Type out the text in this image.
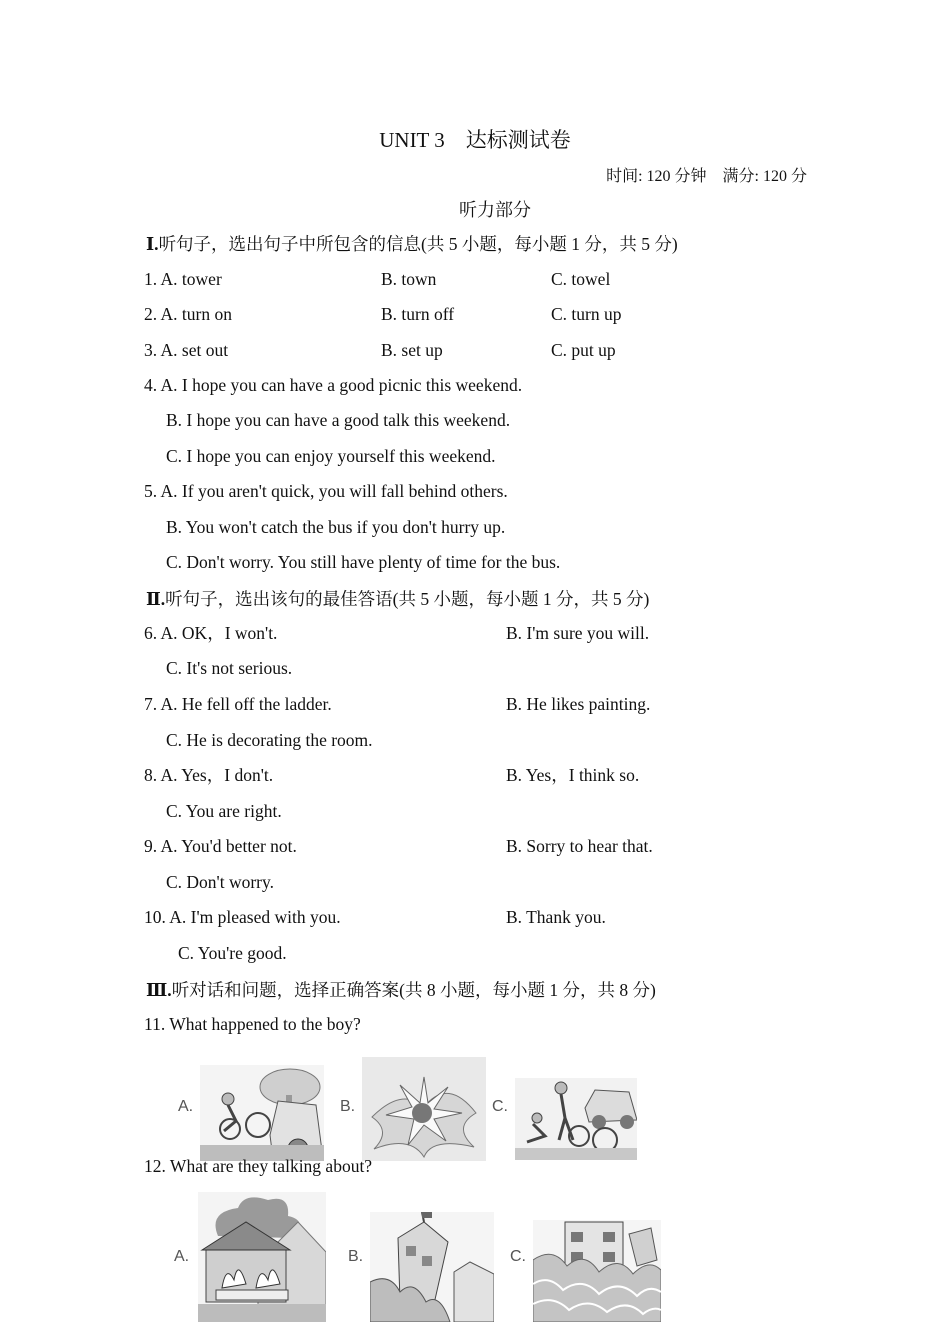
UNIT 3　达标测试卷
时间: 120 分钟　满分: 120 分
听力部分
Ⅰ.听句子，选出句子中所包含的信息(共 5 小题，每小题 1 分，共 5 分)
1. A. tower	B. town	C. towel
2. A. turn on	B. turn off	C. turn up
3. A. set out	B. set up	C. put up
4. A. I hope you can have a good picnic this weekend.
B. I hope you can have a good talk this weekend.
C. I hope you can enjoy yourself this weekend.
5. A. If you aren't quick, you will fall behind others.
B. You won't catch the bus if you don't hurry up.
C. Don't worry. You still have plenty of time for the bus.
Ⅱ.听句子，选出该句的最佳答语(共 5 小题，每小题 1 分，共 5 分)
6. A. OK，I won't.	B. I'm sure you will.
C. It's not serious.
7. A. He fell off the ladder.	B. He likes painting.
C. He is decorating the room.
8. A. Yes，I don't.	B. Yes，I think so.
C. You are right.
9. A. You'd better not.	B. Sorry to hear that.
C. Don't worry.
10. A. I'm pleased with you.	B. Thank you.
C. You're good.
Ⅲ.听对话和问题，选择正确答案(共 8 小题，每小题 1 分，共 8 分)
11. What happened to the boy?
A.	B.	C.
12. What are they talking about?
A.	B.	C.
